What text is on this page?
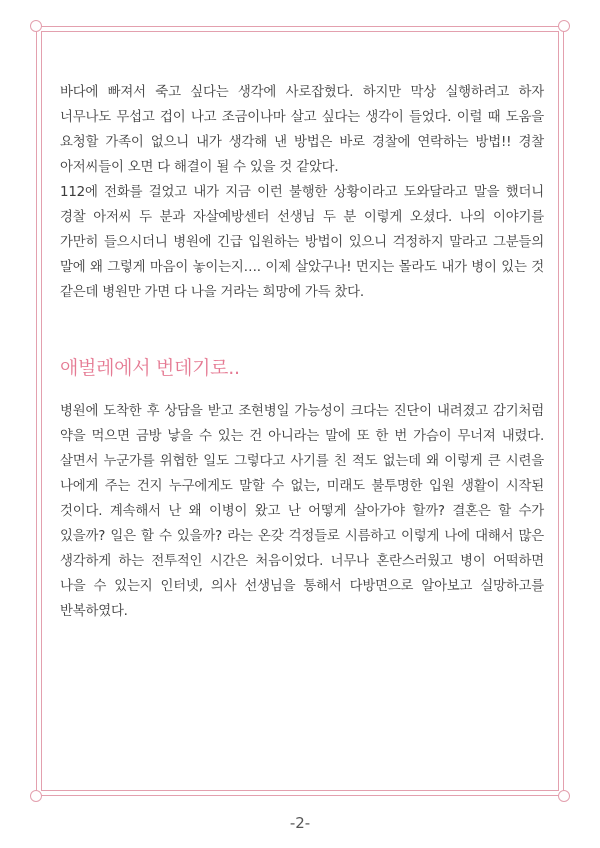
바다에 빠져서 죽고 싶다는 생각에 사로잡혔다. 하지만 막상 실행하려고 하자 너무나도 무섭고 겁이 나고 조금이나마 살고 싶다는 생각이 들었다. 이럴 때 도움을 요청할 가족이 없으니 내가 생각해 낸 방법은 바로 경찰에 연락하는 방법!! 경찰 아저씨들이 오면 다 해결이 될 수 있을 것 같았다.

112에 전화를 걸었고 내가 지금 이런 불행한 상황이라고 도와달라고 말을 했더니 경찰 아저씨 두 분과 자살예방센터 선생님 두 분 이렇게 오셨다. 나의 이야기를 가만히 들으시더니 병원에 긴급 입원하는 방법이 있으니 걱정하지 말라고 그분들의 말에 왜 그렇게 마음이 놓이는지…. 이제 살았구나! 먼지는 몰라도 내가 병이 있는 것 같은데 병원만 가면 다 나을 거라는 희망에 가득 찼다.

애벌레에서 번데기로..

병원에 도착한 후 상담을 받고 조현병일 가능성이 크다는 진단이 내려졌고 감기처럼 약을 먹으면 금방 낳을 수 있는 건 아니라는 말에 또 한 번 가슴이 무너져 내렸다. 살면서 누군가를 위협한 일도 그렇다고 사기를 친 적도 없는데 왜 이렇게 큰 시련을 나에게 주는 건지 누구에게도 말할 수 없는, 미래도 불투명한 입원 생활이 시작된 것이다. 계속해서 난 왜 이병이 왔고 난 어떻게 살아가야 할까? 결혼은 할 수가 있을까? 일은 할 수 있을까? 라는 온갖 걱정들로 시름하고 이렇게 나에 대해서 많은 생각하게 하는 전투적인 시간은 처음이었다. 너무나 혼란스러웠고 병이 어떡하면 나을 수 있는지 인터넷, 의사 선생님을 통해서 다방면으로 알아보고 실망하고를 반복하였다.

-2-
